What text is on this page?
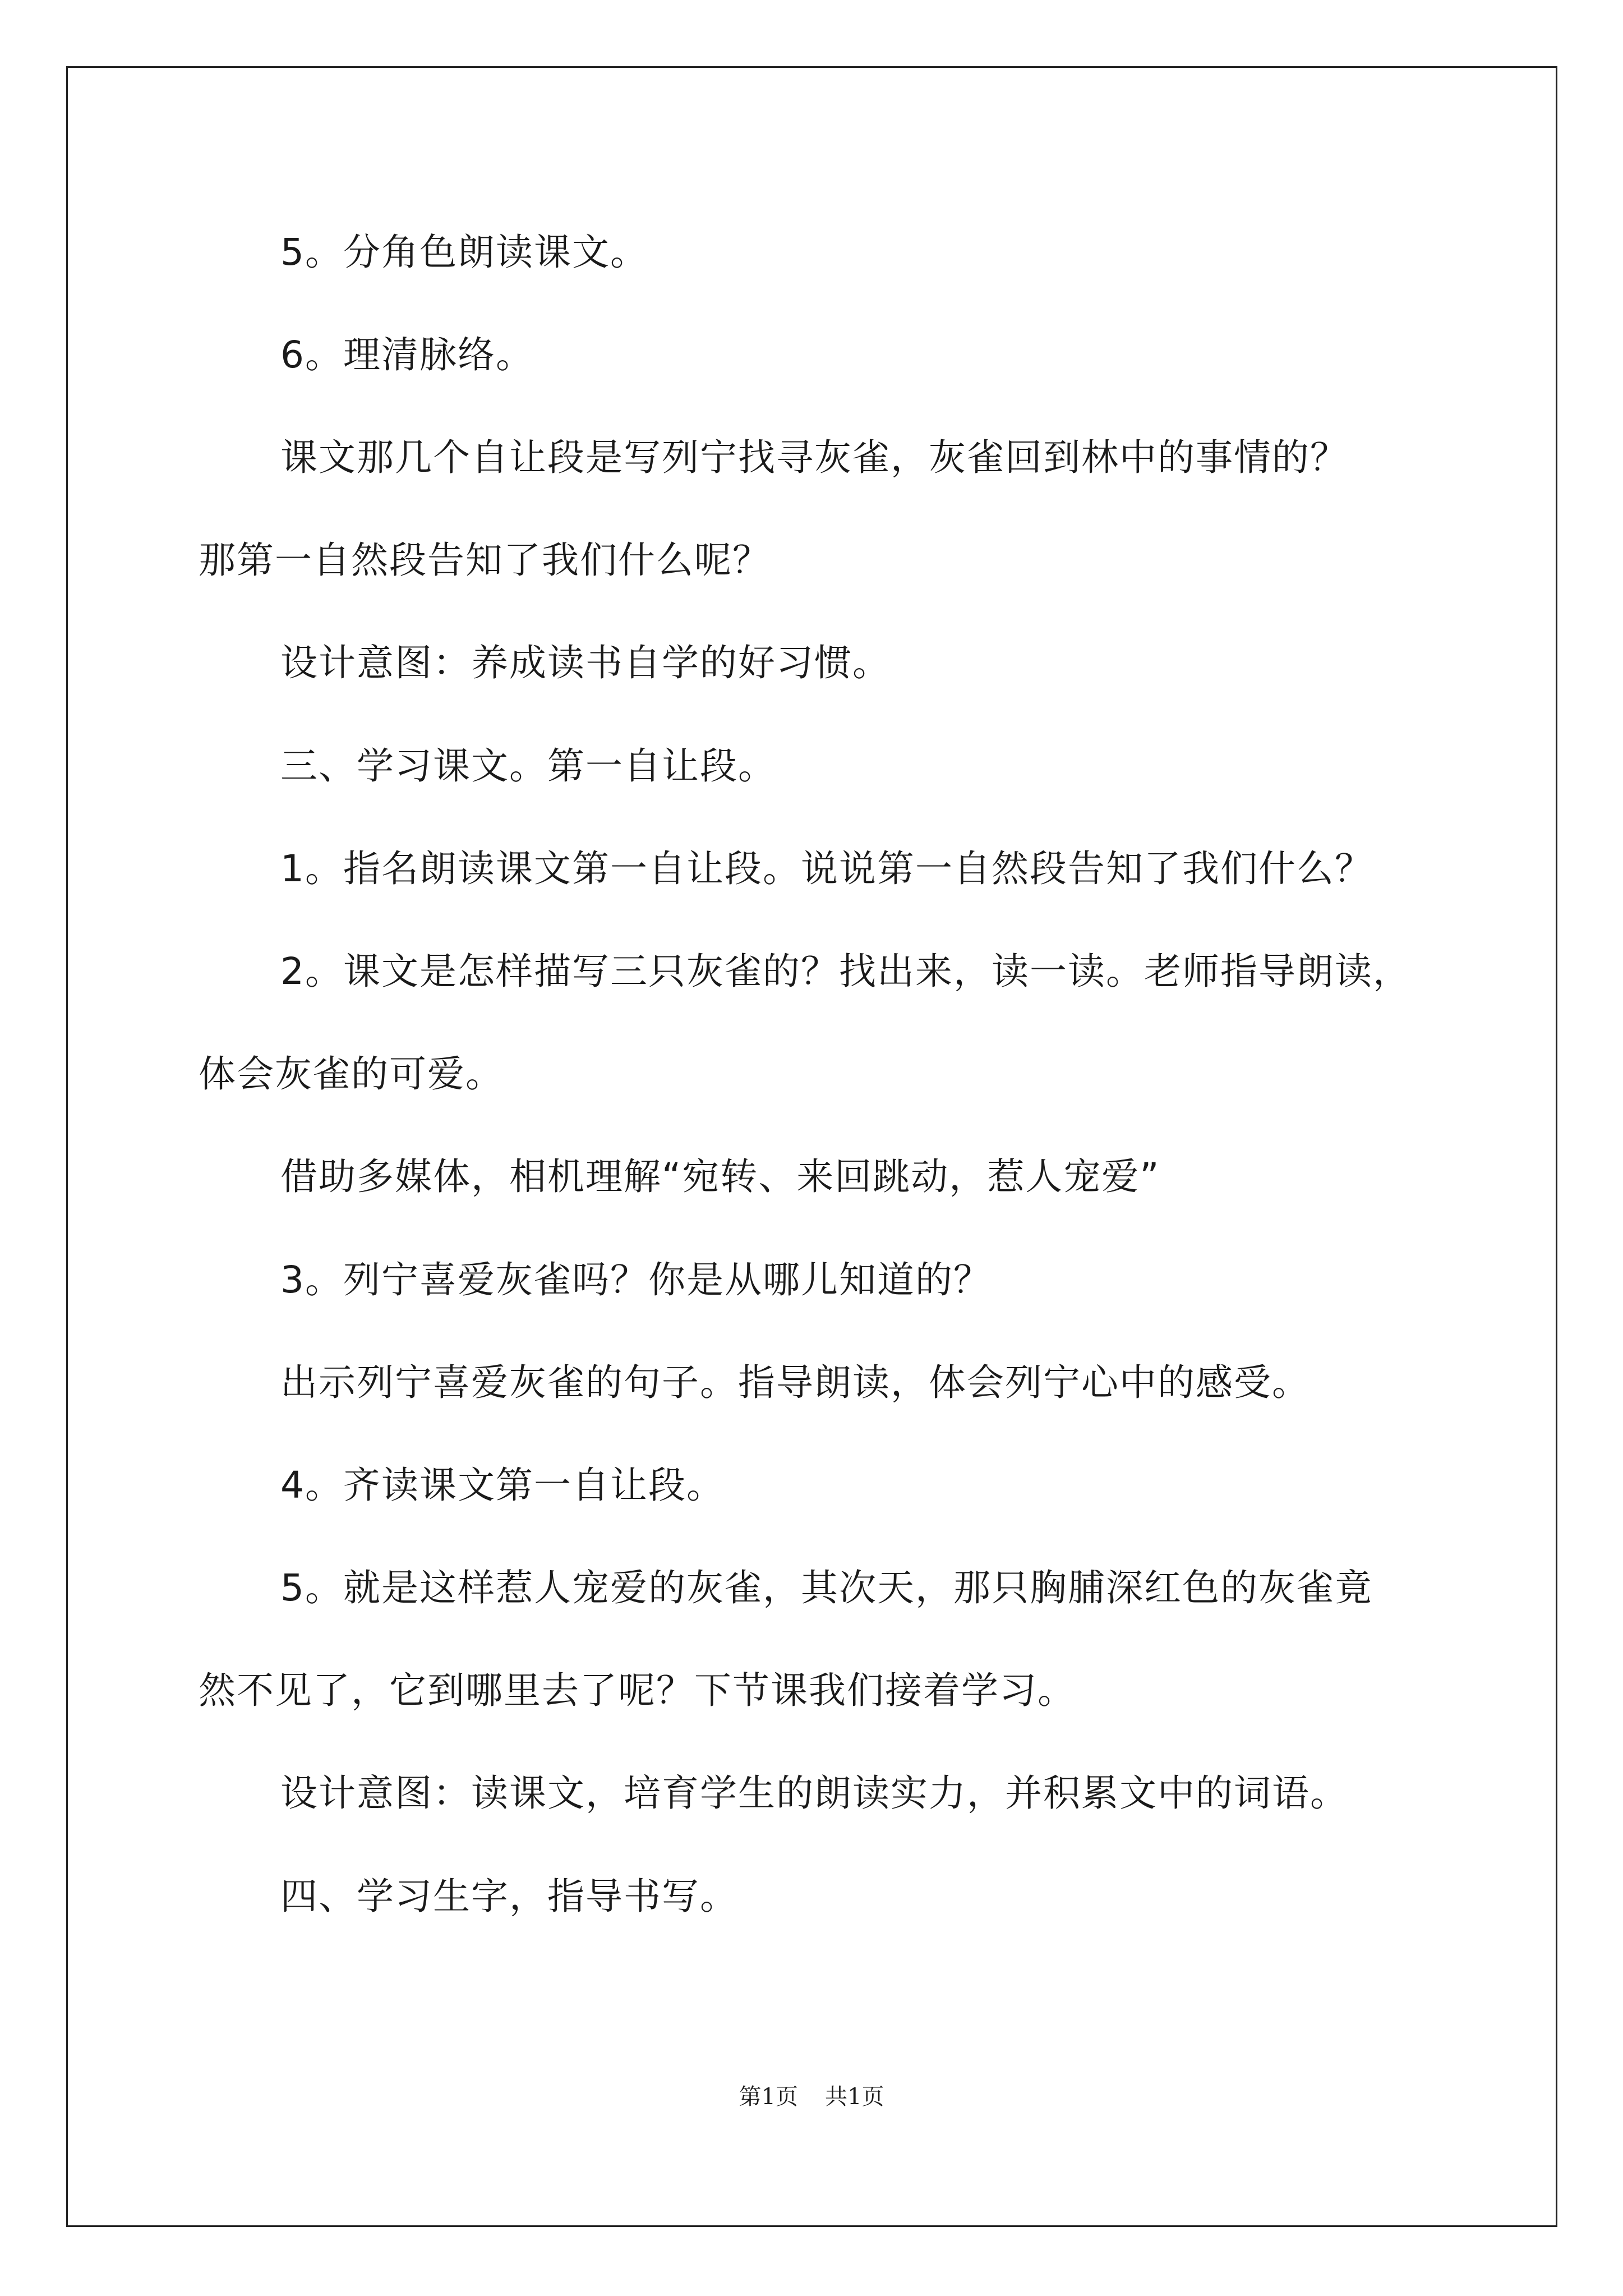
5。分角色朗读课文。
6。理清脉络。
课文那几个自让段是写列宁找寻灰雀，灰雀回到林中的事情的？
那第一自然段告知了我们什么呢？
设计意图：养成读书自学的好习惯。
三、学习课文。第一自让段。
1。指名朗读课文第一自让段。说说第一自然段告知了我们什么？
2。课文是怎样描写三只灰雀的？找出来，读一读。老师指导朗读，
体会灰雀的可爱。
借助多媒体，相机理解“宛转、来回跳动，惹人宠爱”
3。列宁喜爱灰雀吗？你是从哪儿知道的？
出示列宁喜爱灰雀的句子。指导朗读，体会列宁心中的感受。
4。齐读课文第一自让段。
5。就是这样惹人宠爱的灰雀，其次天，那只胸脯深红色的灰雀竟
然不见了，它到哪里去了呢？下节课我们接着学习。
设计意图：读课文，培育学生的朗读实力，并积累文中的词语。
四、学习生字，指导书写。
第1页 共1页
